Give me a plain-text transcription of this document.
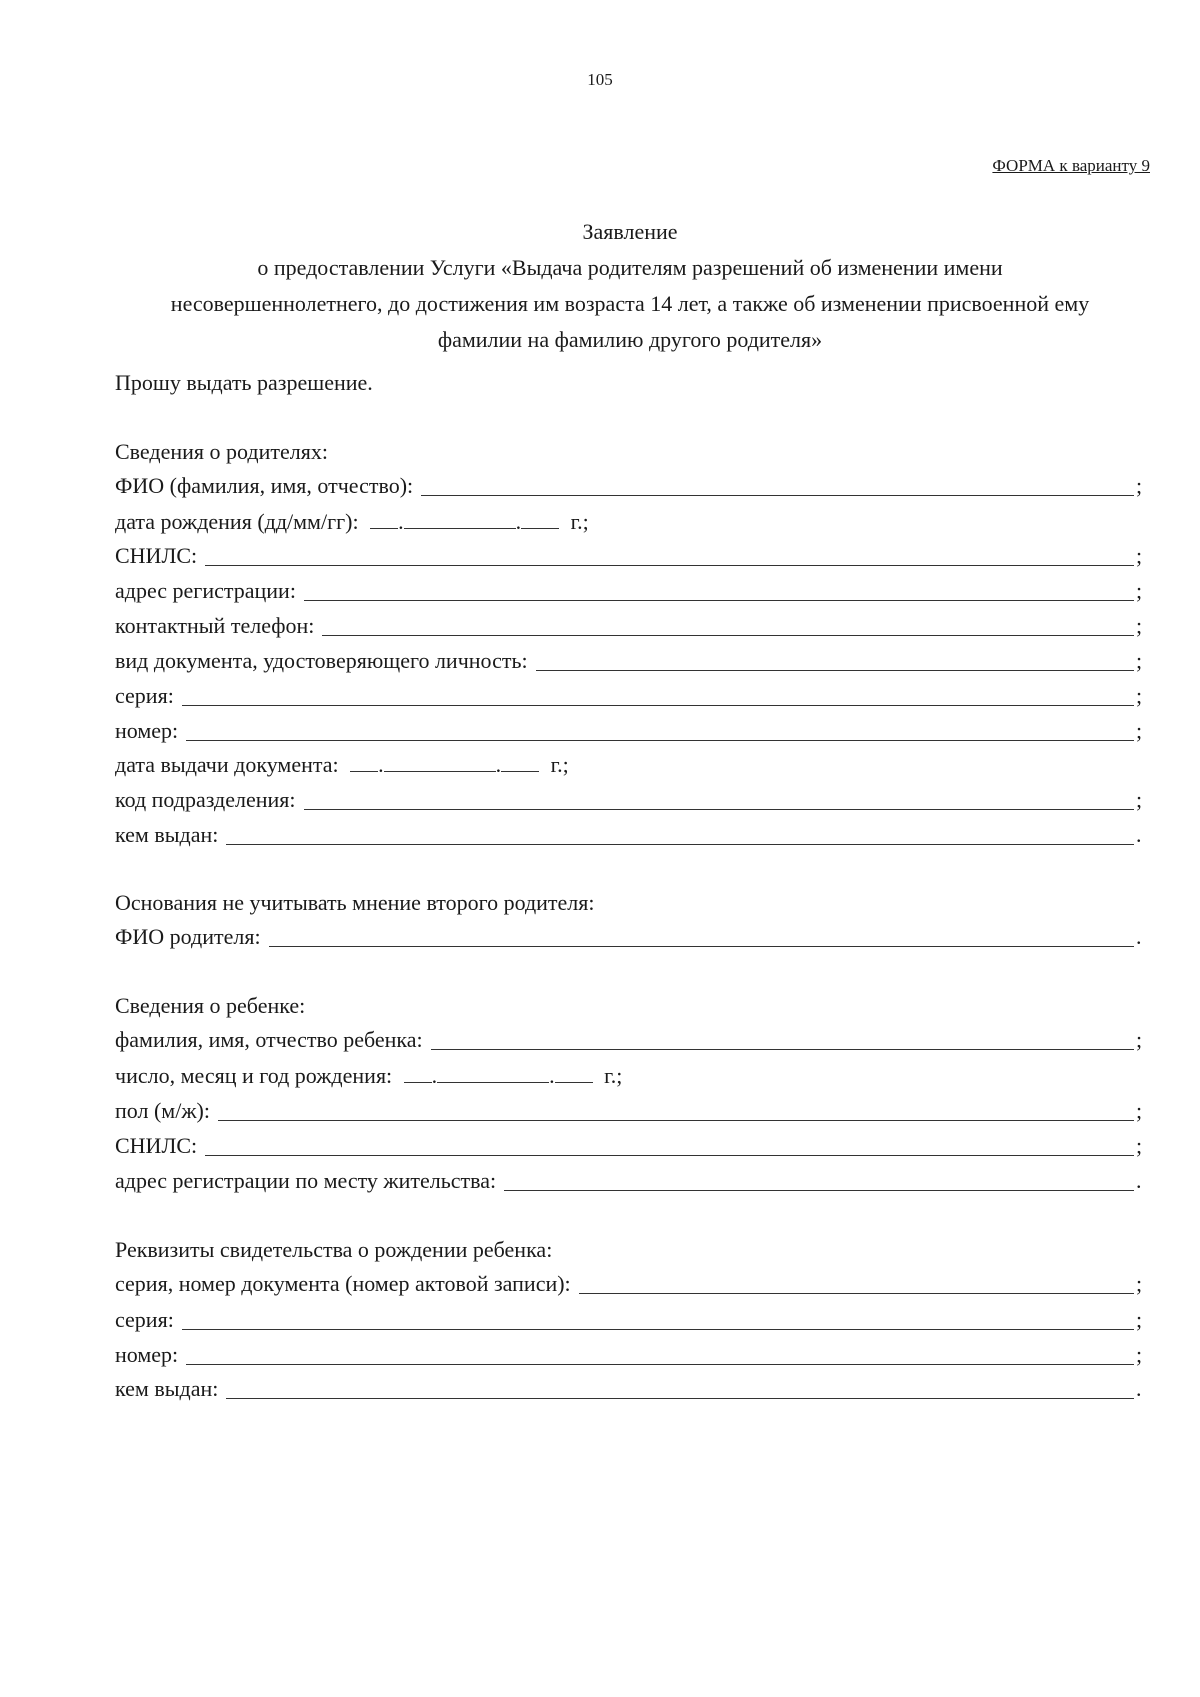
105
ФОРМА к варианту 9
Заявление
о предоставлении Услуги «Выдача родителям разрешений об изменении имени
несовершеннолетнего, до достижения им возраста 14 лет, а также об изменении присвоенной ему
фамилии на фамилию другого родителя»
Прошу выдать разрешение.
Сведения о родителях:
ФИО (фамилия, имя, отчество):	;
дата рождения (дд/мм/гг): .	. г.;
СНИЛС:	;
адрес регистрации:	;
контактный телефон:	;
вид документа, удостоверяющего личность:	;
серия:	;
номер:	;
дата выдачи документа: .	. г.;
код подразделения:	;
кем выдан:	.
Основания не учитывать мнение второго родителя:
ФИО родителя:	.
Сведения о ребенке:
фамилия, имя, отчество ребенка:	;
число, месяц и год рождения: .	. г.;
пол (м/ж):	;
СНИЛС:	;
адрес регистрации по месту жительства:	.
Реквизиты свидетельства о рождении ребенка:
серия, номер документа (номер актовой записи):	;
серия:	;
номер:	;
кем выдан:	.
